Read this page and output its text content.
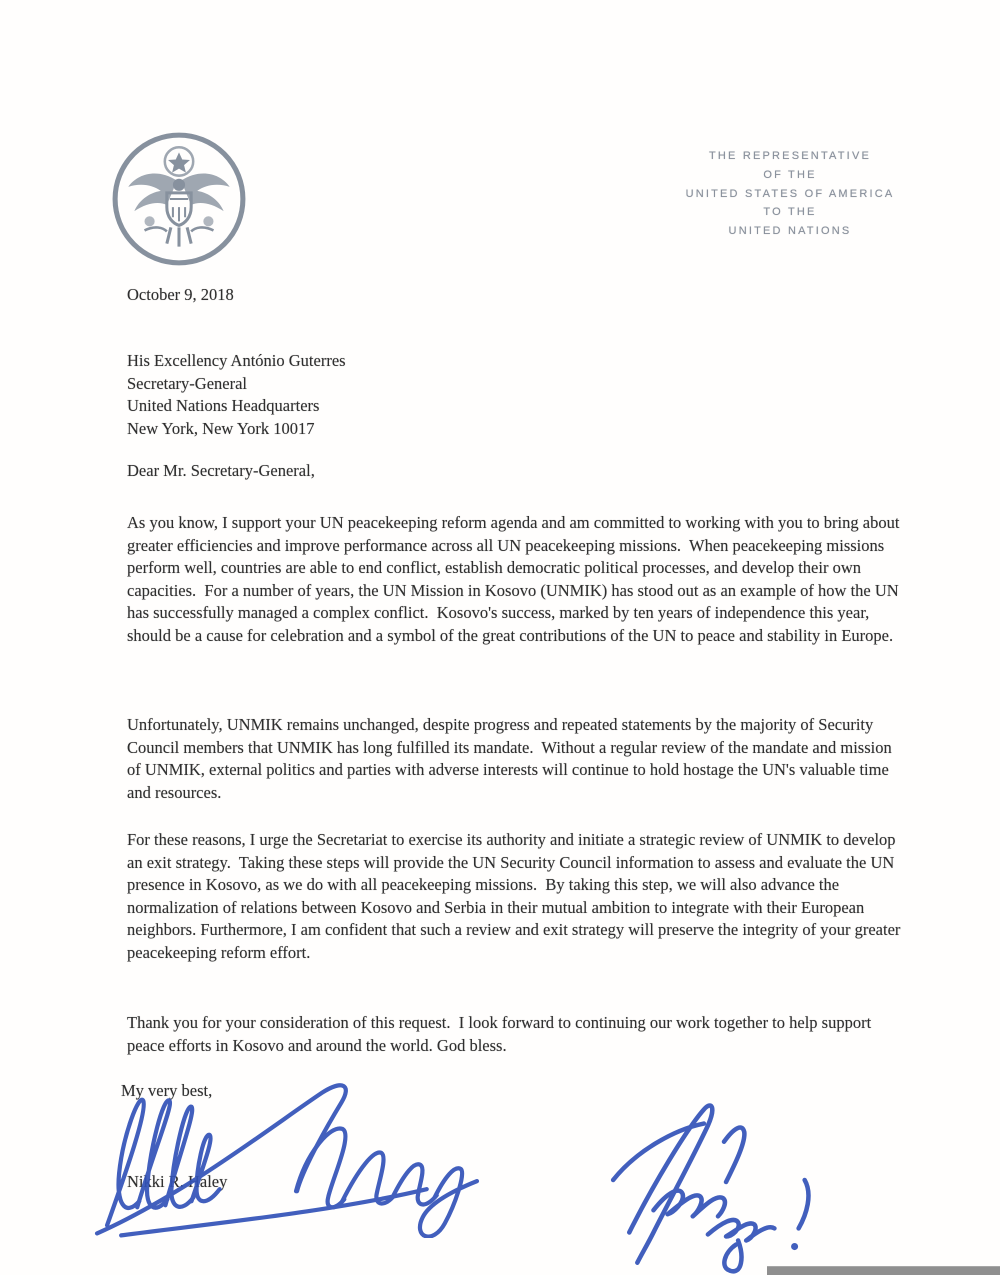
THE REPRESENTATIVE
OF THE
UNITED STATES OF AMERICA
TO THE
UNITED NATIONS
October 9, 2018
His Excellency António Guterres
Secretary-General
United Nations Headquarters
New York, New York 10017
Dear Mr. Secretary-General,

As you know, I support your UN peacekeeping reform agenda and am committed to working with you to bring about greater efficiencies and improve performance across all UN peacekeeping missions.  When peacekeeping missions perform well, countries are able to end conflict, establish democratic political processes, and develop their own capacities.  For a number of years, the UN Mission in Kosovo (UNMIK) has stood out as an example of how the UN has successfully managed a complex conflict.  Kosovo's success, marked by ten years of independence this year, should be a cause for celebration and a symbol of the great contributions of the UN to peace and stability in Europe.

Unfortunately, UNMIK remains unchanged, despite progress and repeated statements by the majority of Security Council members that UNMIK has long fulfilled its mandate.  Without a regular review of the mandate and mission of UNMIK, external politics and parties with adverse interests will continue to hold hostage the UN's valuable time and resources.

For these reasons, I urge the Secretariat to exercise its authority and initiate a strategic review of UNMIK to develop an exit strategy.  Taking these steps will provide the UN Security Council information to assess and evaluate the UN presence in Kosovo, as we do with all peacekeeping missions.  By taking this step, we will also advance the normalization of relations between Kosovo and Serbia in their mutual ambition to integrate with their European neighbors. Furthermore, I am confident that such a review and exit strategy will preserve the integrity of your greater peacekeeping reform effort.

Thank you for your consideration of this request.  I look forward to continuing our work together to help support peace efforts in Kosovo and around the world. God bless.

My very best,
Nikki R. Haley
